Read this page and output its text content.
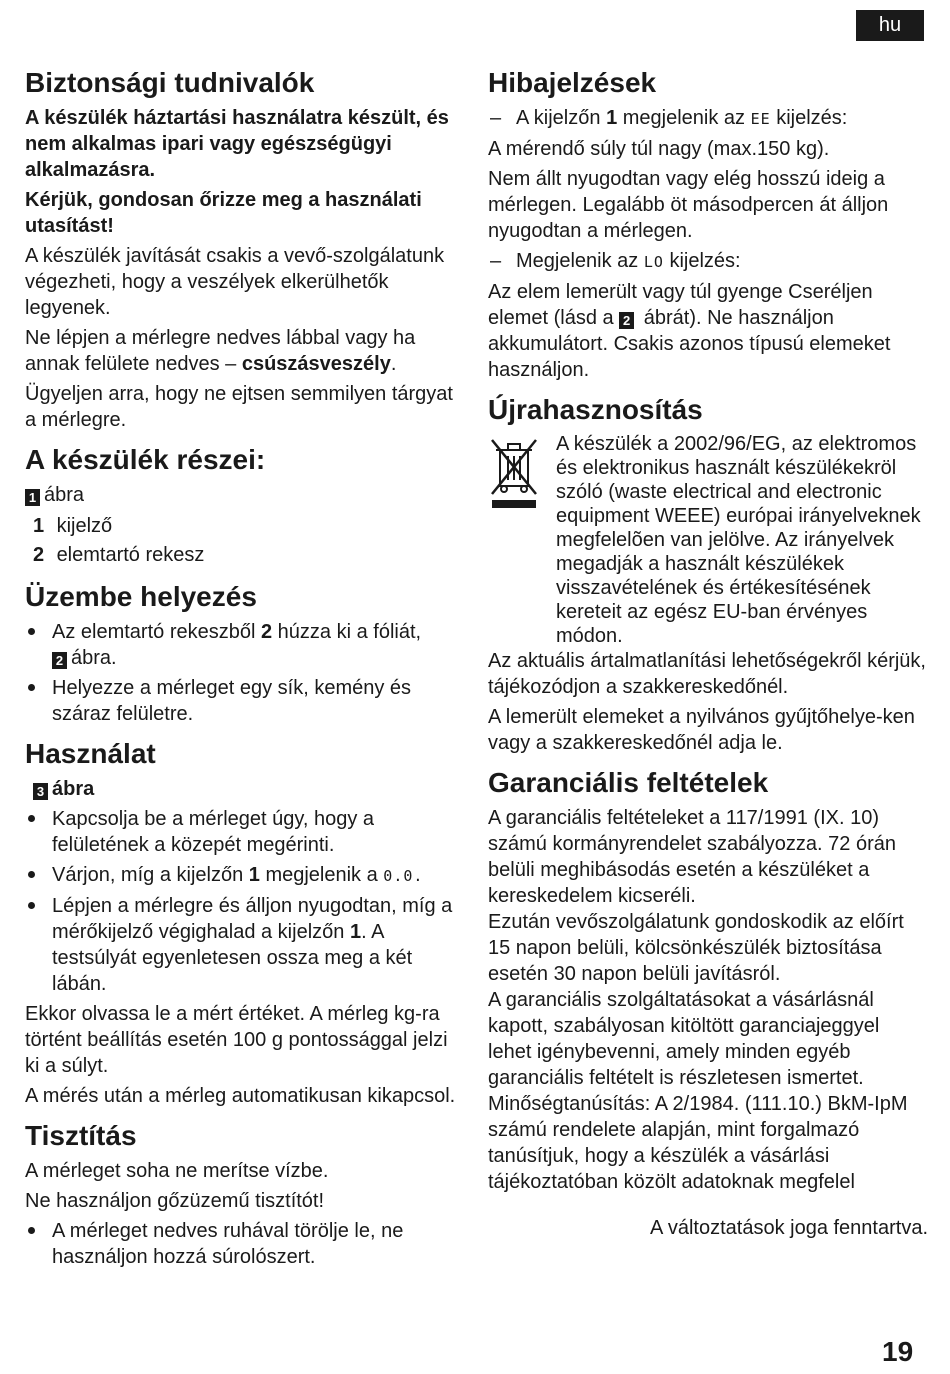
hu
Biztonsági tudnivalók

A készülék háztartási használatra készült, és nem alkalmas ipari vagy egészségügyi alkalmazásra.

Kérjük, gondosan őrizze meg a használati utasítást!

A készülék javítását csakis a vevő-szolgálatunk végezheti, hogy a veszélyek elkerülhetők legyenek.

Ne lépjen a mérlegre nedves lábbal vagy ha annak felülete nedves – csúszásveszély.

Ügyeljen arra, hogy ne ejtsen semmilyen tárgyat a mérlegre.

A készülék részei:
1 ábra
1 kijelző
2 elemtartó rekesz
Üzembe helyezés
Az elemtartó rekeszből 2 húzza ki a fóliát,
2 ábra.
Helyezze a mérleget egy sík, kemény és száraz felületre.
Használat
3 ábra
Kapcsolja be a mérleget úgy, hogy a felületének a közepét megérinti.
Várjon, míg a kijelzőn 1 megjelenik a 0.0.
Lépjen a mérlegre és álljon nyugodtan, míg a mérőkijelző végighalad a kijelzőn 1. A testsúlyát egyenletesen ossza meg a két lábán.

Ekkor olvassa le a mért értéket. A mérleg kg-ra történt beállítás esetén 100 g pontossággal jelzi ki a súlyt.

A mérés után a mérleg automatikusan kikapcsol.

Tisztítás

A mérleget soha ne merítse vízbe.

Ne használjon gőzüzemű tisztítót!

A mérleget nedves ruhával törölje le, ne használjon hozzá súrolószert.
Hibajelzések
– A kijelzőn 1 megjelenik az EE kijelzés:

A mérendő súly túl nagy (max.150 kg).

Nem állt nyugodtan vagy elég hosszú ideig a mérlegen. Legalább öt másodpercen át álljon nyugodtan a mérlegen.

– Megjelenik az LO kijelzés:

Az elem lemerült vagy túl gyenge Cseréljen elemet (lásd a 2 ábrát). Ne használjon akkumulátort. Csakis azonos típusú elemeket használjon.

Újrahasznosítás

A készülék a 2002/96/EG, az elektromos és elektronikus használt készülékekröl szóló (waste electrical and electronic equipment WEEE) európai irányelveknek megfelelõen van jelölve. Az irányelvek megadják a használt készülékek visszavételének és értékesítésének kereteit az egész EU-ban érvényes módon.

Az aktuális ártalmatlanítási lehetőségekről kérjük, tájékozódjon a szakkereskedőnél.

A lemerült elemeket a nyilvános gyűjtőhelye-ken vagy a szakkereskedőnél adja le.

Garanciális feltételek

A garanciális feltételeket a 117/1991 (IX. 10) számú kormányrendelet szabályozza. 72 órán belüli meghibásodás esetén a készüléket a kereskedelem kicseréli.

Ezután vevőszolgálatunk gondoskodik az előírt 15 napon belüli, kölcsönkészülék biztosítása esetén 30 napon belüli javításról.

A garanciális szolgáltatásokat a vásárlásnál kapott, szabályosan kitöltött garanciajeggyel lehet igénybevenni, amely minden egyéb garanciális feltételt is részletesen ismertet.

Minőségtanúsítás: A 2/1984. (111.10.) BkM-IpM számú rendelete alapján, mint forgalmazó tanúsítjuk, hogy a készülék a vásárlási tájékoztatóban közölt adatoknak megfelel

A változtatások joga fenntartva.
19
